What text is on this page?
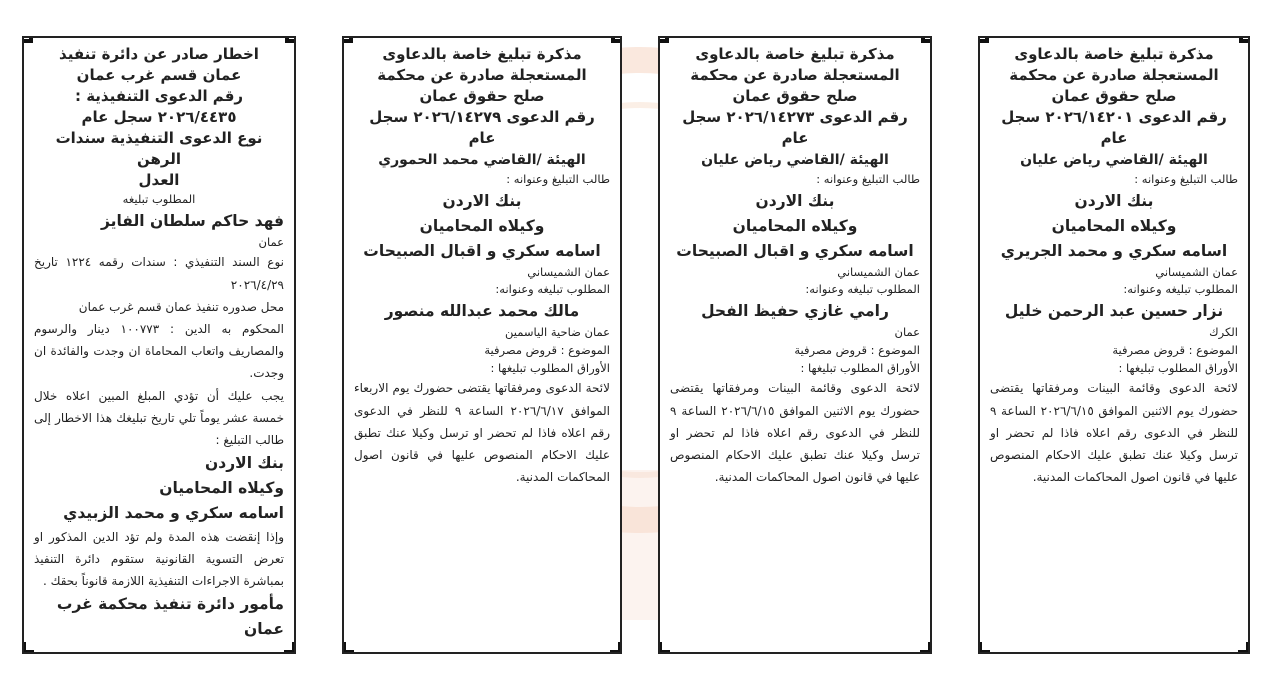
مذكرة تبليغ خاصة بالدعاوى
المستعجلة صادرة عن محكمة
صلح حقوق عمان
رقم الدعوى ٢٠٢٦/١٤٢٠١ سجل عام
الهيئة /القاضي رياض عليان
طالب التبليغ وعنوانه :
بنك الاردن
وكيلاه المحاميان
اسامه سكري و محمد الجريري
عمان الشميساني
المطلوب تبليغه وعنوانه:
نزار حسين عبد الرحمن خليل
الكرك
الموضوع : قروض مصرفية
الأوراق المطلوب تبليغها :
لائحة الدعوى وقائمة البينات ومرفقاتها يقتضى حضورك يوم الاثنين الموافق ٢٠٢٦/٦/١٥ الساعة ٩ للنظر في الدعوى رقم اعلاه فاذا لم تحضر او ترسل وكيلا عنك تطبق عليك الاحكام المنصوص عليها في قانون اصول المحاكمات المدنية.
مذكرة تبليغ خاصة بالدعاوى
المستعجلة صادرة عن محكمة
صلح حقوق عمان
رقم الدعوى ٢٠٢٦/١٤٢٧٣ سجل عام
الهيئة /القاضي رياض عليان
طالب التبليغ وعنوانه :
بنك الاردن
وكيلاه المحاميان
اسامه سكري و اقبال الصبيحات
عمان الشميساني
المطلوب تبليغه وعنوانه:
رامي غازي حفيظ الفحل
عمان
الموضوع : قروض مصرفية
الأوراق المطلوب تبليغها :
لائحة الدعوى وقائمة البينات ومرفقاتها يقتضى حضورك يوم الاثنين الموافق ٢٠٢٦/٦/١٥ الساعة ٩ للنظر في الدعوى رقم اعلاه فاذا لم تحضر او ترسل وكيلا عنك تطبق عليك الاحكام المنصوص عليها في قانون اصول المحاكمات المدنية.
مذكرة تبليغ خاصة بالدعاوى
المستعجلة صادرة عن محكمة
صلح حقوق عمان
رقم الدعوى ٢٠٢٦/١٤٢٧٩ سجل عام
الهيئة /القاضي محمد الحموري
طالب التبليغ وعنوانه :
بنك الاردن
وكيلاه المحاميان
اسامه سكري و اقبال الصبيحات
عمان الشميساني
المطلوب تبليغه وعنوانه:
مالك محمد عبدالله منصور
عمان ضاحية الياسمين
الموضوع : قروض مصرفية
الأوراق المطلوب تبليغها :
لائحة الدعوى ومرفقاتها يقتضى حضورك يوم الاربعاء الموافق ٢٠٢٦/٦/١٧ الساعة ٩ للنظر في الدعوى رقم اعلاه فاذا لم تحضر او ترسل وكيلا عنك تطبق عليك الاحكام المنصوص عليها في قانون اصول المحاكمات المدنية.
اخطار صادر عن دائرة تنفيذ
عمان قسم غرب عمان
رقم الدعوى التنفيذية :
٢٠٢٦/٤٤٣٥ سجل عام
نوع الدعوى التنفيذية سندات الرهن
العدل
المطلوب تبليغه
فهد حاكم سلطان الفايز
عمان
نوع السند التنفيذي : سندات رقمه ١٢٢٤ تاريخ ٢٠٢٦/٤/٢٩
محل صدوره تنفيذ عمان قسم غرب عمان
المحكوم به الدين : ١٠٠٧٧٣ دينار والرسوم والمصاريف واتعاب المحاماة ان وجدت والفائدة ان وجدت.
يجب عليك أن تؤدي المبلغ المبين اعلاه خلال خمسة عشر يوماً تلي تاريخ تبليغك هذا الاخطار إلى طالب التبليغ :
بنك الاردن
وكيلاه المحاميان
اسامه سكري و محمد الزبيدي
وإذا إنقضت هذه المدة ولم تؤد الدين المذكور او تعرض التسوية القانونية ستقوم دائرة التنفيذ بمباشرة الاجراءات التنفيذية اللازمة قانوناً بحقك .
مأمور دائرة تنفيذ محكمة غرب عمان
